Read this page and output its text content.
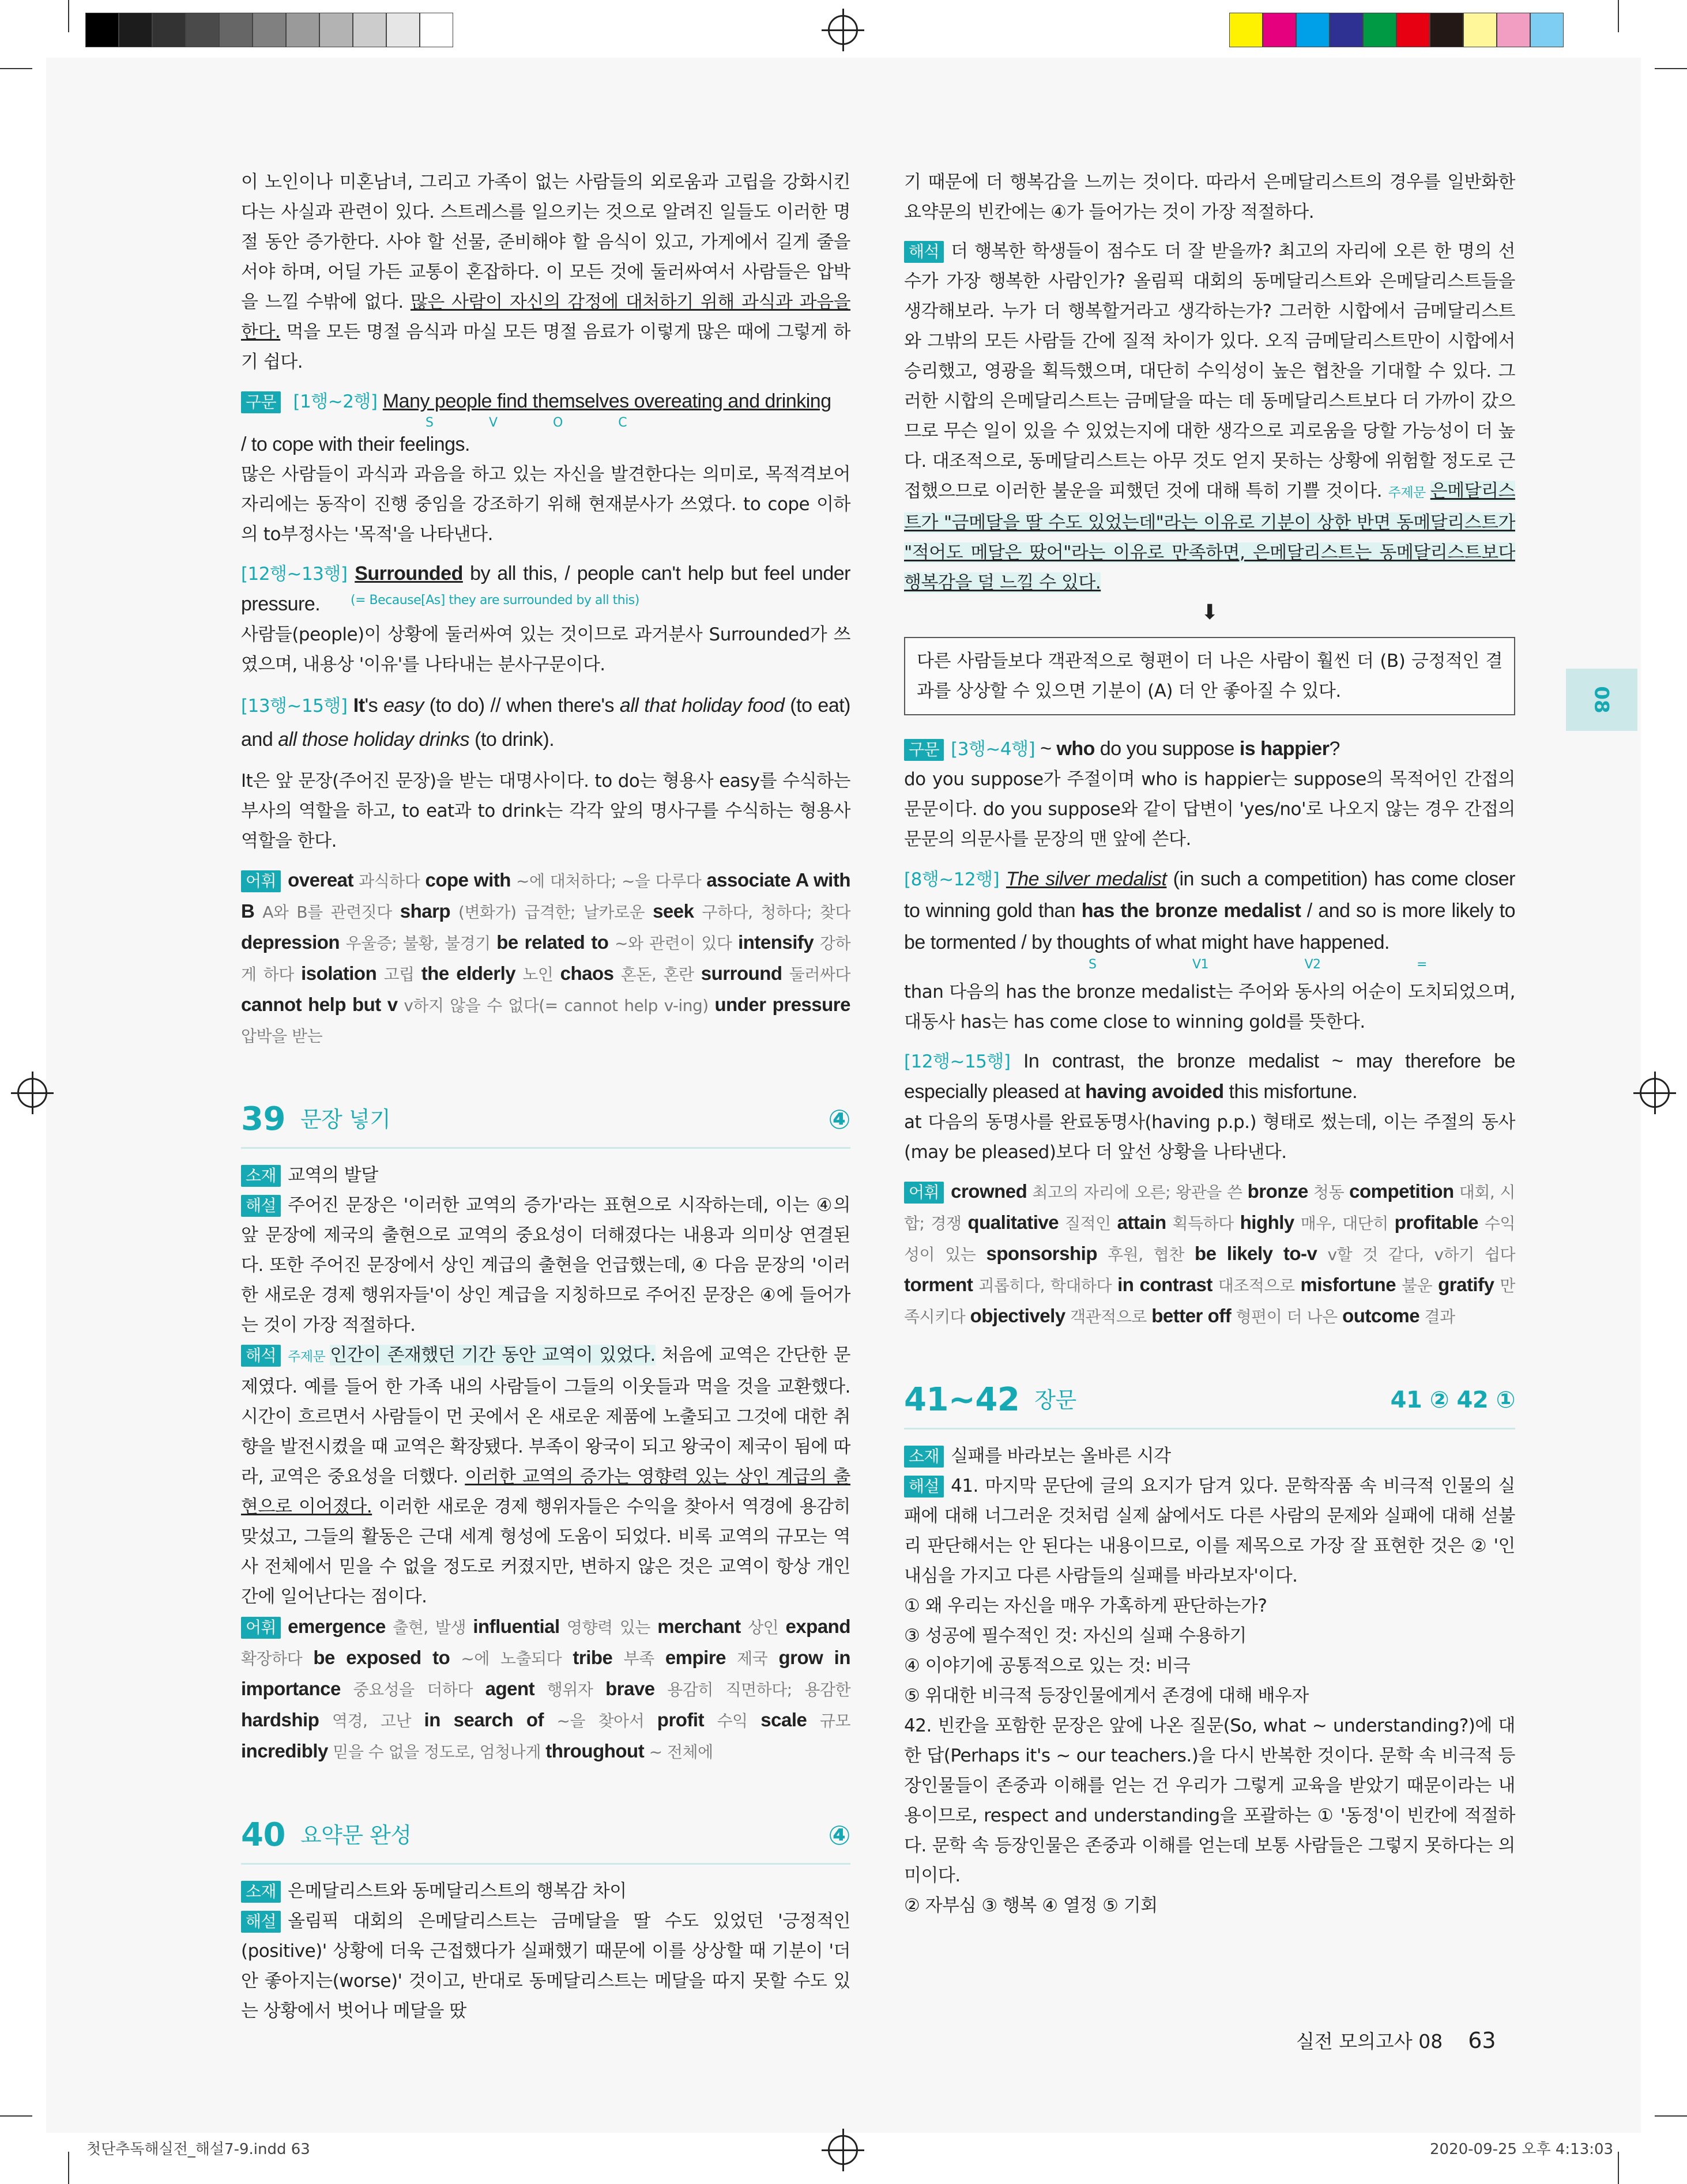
이 노인이나 미혼남녀, 그리고 가족이 없는 사람들의 외로움과 고립을 강화시킨다는 사실과 관련이 있다. 스트레스를 일으키는 것으로 알려진 일들도 이러한 명절 동안 증가한다. 사야 할 선물, 준비해야 할 음식이 있고, 가게에서 길게 줄을 서야 하며, 어딜 가든 교통이 혼잡하다. 이 모든 것에 둘러싸여서 사람들은 압박을 느낄 수밖에 없다. 많은 사람이 자신의 감정에 대처하기 위해 과식과 과음을 한다. 먹을 모든 명절 음식과 마실 모든 명절 음료가 이렇게 많은 때에 그렇게 하기 쉽다.

구문 [1행~2행] Many people find themselves overeating and drinking

S V O C

/ to cope with their feelings.

많은 사람들이 과식과 과음을 하고 있는 자신을 발견한다는 의미로, 목적격보어 자리에는 동작이 진행 중임을 강조하기 위해 현재분사가 쓰였다. to cope 이하의 to부정사는 '목적'을 나타낸다.

[12행~13행] Surrounded by all this, / people can't help but feel under pressure.	(= Because[As] they are surrounded by all this)

사람들(people)이 상황에 둘러싸여 있는 것이므로 과거분사 Surrounded가 쓰였으며, 내용상 '이유'를 나타내는 분사구문이다.

[13행~15행] It's easy (to do) // when there's all that holiday food (to eat) and all those holiday drinks (to drink).

It은 앞 문장(주어진 문장)을 받는 대명사이다. to do는 형용사 easy를 수식하는 부사의 역할을 하고, to eat과 to drink는 각각 앞의 명사구를 수식하는 형용사 역할을 한다.

어휘 overeat 과식하다 cope with ~에 대처하다; ~을 다루다 associate A with B A와 B를 관련짓다 sharp (변화가) 급격한; 날카로운 seek 구하다, 청하다; 찾다 depression 우울증; 불황, 불경기 be related to ~와 관련이 있다 intensify 강하게 하다 isolation 고립 the elderly 노인 chaos 혼돈, 혼란 surround 둘러싸다 cannot help but v v하지 않을 수 없다(= cannot help v-ing) under pressure 압박을 받는

39 문장 넣기	④

소재 교역의 발달

해설 주어진 문장은 '이러한 교역의 증가'라는 표현으로 시작하는데, 이는 ④의 앞 문장에 제국의 출현으로 교역의 중요성이 더해졌다는 내용과 의미상 연결된다. 또한 주어진 문장에서 상인 계급의 출현을 언급했는데, ④ 다음 문장의 '이러한 새로운 경제 행위자들'이 상인 계급을 지칭하므로 주어진 문장은 ④에 들어가는 것이 가장 적절하다.

해석 주제문 인간이 존재했던 기간 동안 교역이 있었다. 처음에 교역은 간단한 문제였다. 예를 들어 한 가족 내의 사람들이 그들의 이웃들과 먹을 것을 교환했다. 시간이 흐르면서 사람들이 먼 곳에서 온 새로운 제품에 노출되고 그것에 대한 취향을 발전시켰을 때 교역은 확장됐다. 부족이 왕국이 되고 왕국이 제국이 됨에 따라, 교역은 중요성을 더했다. 이러한 교역의 증가는 영향력 있는 상인 계급의 출현으로 이어졌다. 이러한 새로운 경제 행위자들은 수익을 찾아서 역경에 용감히 맞섰고, 그들의 활동은 근대 세계 형성에 도움이 되었다. 비록 교역의 규모는 역사 전체에서 믿을 수 없을 정도로 커졌지만, 변하지 않은 것은 교역이 항상 개인 간에 일어난다는 점이다.

어휘 emergence 출현, 발생 influential 영향력 있는 merchant 상인 expand 확장하다 be exposed to ~에 노출되다 tribe 부족 empire 제국 grow in importance 중요성을 더하다 agent 행위자 brave 용감히 직면하다; 용감한 hardship 역경, 고난 in search of ~을 찾아서 profit 수익 scale 규모 incredibly 믿을 수 없을 정도로, 엄청나게 throughout ~ 전체에

40 요약문 완성	④

소재 은메달리스트와 동메달리스트의 행복감 차이

해설 올림픽 대회의 은메달리스트는 금메달을 딸 수도 있었던 '긍정적인(positive)' 상황에 더욱 근접했다가 실패했기 때문에 이를 상상할 때 기분이 '더 안 좋아지는(worse)' 것이고, 반대로 동메달리스트는 메달을 따지 못할 수도 있는 상황에서 벗어나 메달을 땄

기 때문에 더 행복감을 느끼는 것이다. 따라서 은메달리스트의 경우를 일반화한 요약문의 빈칸에는 ④가 들어가는 것이 가장 적절하다.

해석 더 행복한 학생들이 점수도 더 잘 받을까? 최고의 자리에 오른 한 명의 선수가 가장 행복한 사람인가? 올림픽 대회의 동메달리스트와 은메달리스트들을 생각해보라. 누가 더 행복할거라고 생각하는가? 그러한 시합에서 금메달리스트와 그밖의 모든 사람들 간에 질적 차이가 있다. 오직 금메달리스트만이 시합에서 승리했고, 영광을 획득했으며, 대단히 수익성이 높은 협찬을 기대할 수 있다. 그러한 시합의 은메달리스트는 금메달을 따는 데 동메달리스트보다 더 가까이 갔으므로 무슨 일이 있을 수 있었는지에 대한 생각으로 괴로움을 당할 가능성이 더 높다. 대조적으로, 동메달리스트는 아무 것도 얻지 못하는 상황에 위험할 정도로 근접했으므로 이러한 불운을 피했던 것에 대해 특히 기쁠 것이다. 주제문 은메달리스트가 "금메달을 딸 수도 있었는데"라는 이유로 기분이 상한 반면 동메달리스트가 "적어도 메달은 땄어"라는 이유로 만족하면, 은메달리스트는 동메달리스트보다 행복감을 덜 느낄 수 있다.

⬇

다른 사람들보다 객관적으로 형편이 더 나은 사람이 훨씬 더 (B) 긍정적인 결과를 상상할 수 있으면 기분이 (A) 더 안 좋아질 수 있다.

구문 [3행~4행] ~ who do you suppose is happier?

do you suppose가 주절이며 who is happier는 suppose의 목적어인 간접의문문이다. do you suppose와 같이 답변이 'yes/no'로 나오지 않는 경우 간접의문문의 의문사를 문장의 맨 앞에 쓴다.

[8행~12행] The silver medalist (in such a competition) has come closer to winning gold than has the bronze medalist / and so is more likely to be tormented / by thoughts of what might have happened.

S V1 V2 =

than 다음의 has the bronze medalist는 주어와 동사의 어순이 도치되었으며, 대동사 has는 has come close to winning gold를 뜻한다.

[12행~15행] In contrast, the bronze medalist ~ may therefore be especially pleased at having avoided this misfortune.

at 다음의 동명사를 완료동명사(having p.p.) 형태로 썼는데, 이는 주절의 동사(may be pleased)보다 더 앞선 상황을 나타낸다.

어휘 crowned 최고의 자리에 오른; 왕관을 쓴 bronze 청동 competition 대회, 시합; 경쟁 qualitative 질적인 attain 획득하다 highly 매우, 대단히 profitable 수익성이 있는 sponsorship 후원, 협찬 be likely to-v v할 것 같다, v하기 쉽다 torment 괴롭히다, 학대하다 in contrast 대조적으로 misfortune 불운 gratify 만족시키다 objectively 객관적으로 better off 형편이 더 나은 outcome 결과

41~42 장문	41 ② 42 ①

소재 실패를 바라보는 올바른 시각

해설 41. 마지막 문단에 글의 요지가 담겨 있다. 문학작품 속 비극적 인물의 실패에 대해 너그러운 것처럼 실제 삶에서도 다른 사람의 문제와 실패에 대해 섣불리 판단해서는 안 된다는 내용이므로, 이를 제목으로 가장 잘 표현한 것은 ② '인내심을 가지고 다른 사람들의 실패를 바라보자'이다.

① 왜 우리는 자신을 매우 가혹하게 판단하는가?

③ 성공에 필수적인 것: 자신의 실패 수용하기

④ 이야기에 공통적으로 있는 것: 비극

⑤ 위대한 비극적 등장인물에게서 존경에 대해 배우자

42. 빈칸을 포함한 문장은 앞에 나온 질문(So, what ~ understanding?)에 대한 답(Perhaps it's ~ our teachers.)을 다시 반복한 것이다. 문학 속 비극적 등장인물들이 존중과 이해를 얻는 건 우리가 그렇게 교육을 받았기 때문이라는 내용이므로, respect and understanding을 포괄하는 ① '동정'이 빈칸에 적절하다. 문학 속 등장인물은 존중과 이해를 얻는데 보통 사람들은 그렇지 못하다는 의미이다.

② 자부심 ③ 행복 ④ 열정 ⑤ 기회

08
실전 모의고사 08 63
첫단추독해실전_해설7-9.indd 63	2020-09-25 오후 4:13:03
